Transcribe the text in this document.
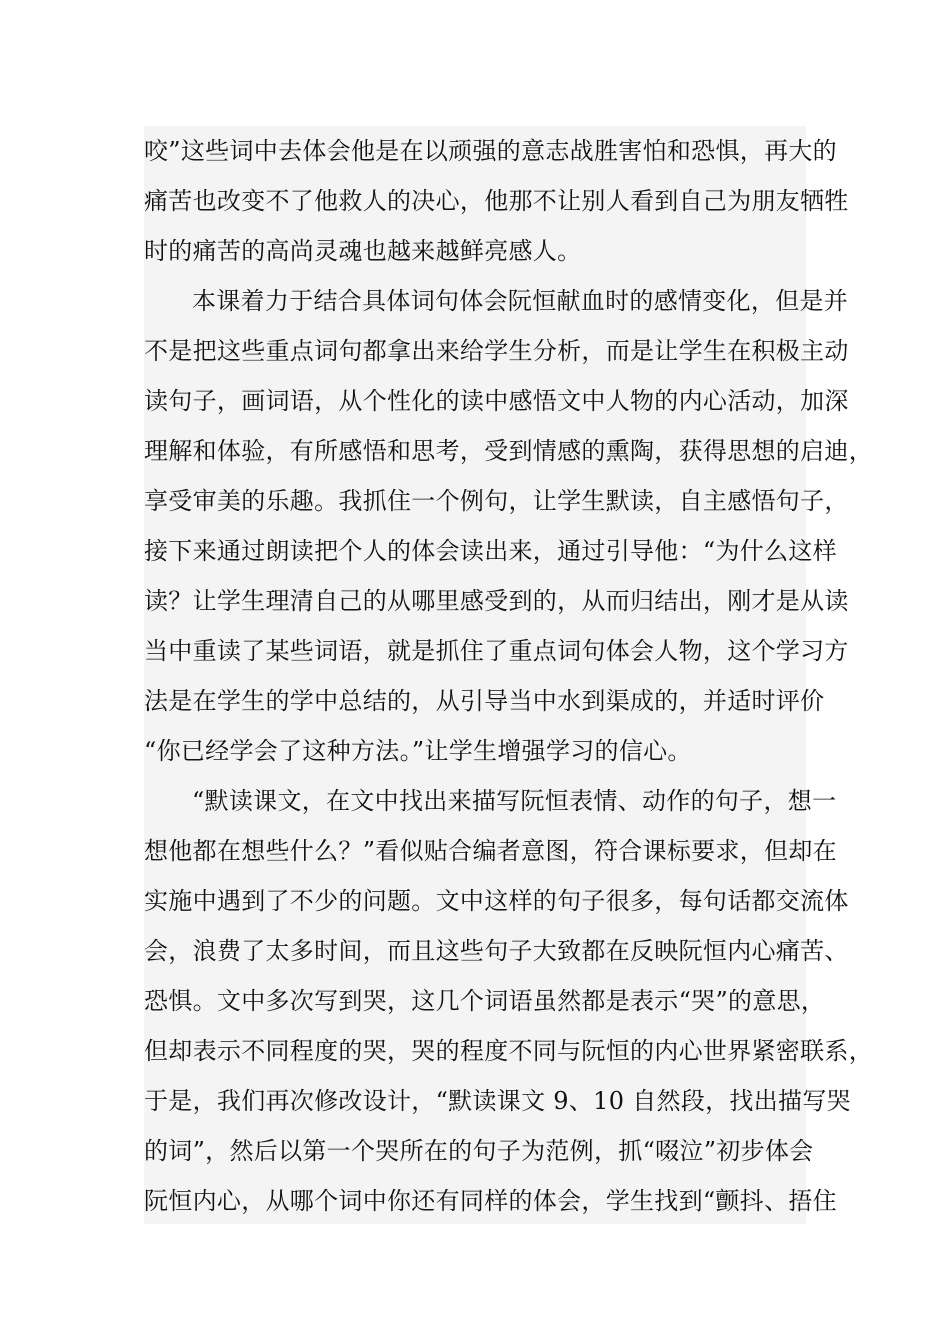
咬”这些词中去体会他是在以顽强的意志战胜害怕和恐惧，再大的
痛苦也改变不了他救人的决心，他那不让别人看到自己为朋友牺牲
时的痛苦的高尚灵魂也越来越鲜亮感人。
本课着力于结合具体词句体会阮恒献血时的感情变化，但是并
不是把这些重点词句都拿出来给学生分析，而是让学生在积极主动
读句子，画词语，从个性化的读中感悟文中人物的内心活动，加深
理解和体验，有所感悟和思考，受到情感的熏陶，获得思想的启迪，
享受审美的乐趣。我抓住一个例句，让学生默读，自主感悟句子，
接下来通过朗读把个人的体会读出来，通过引导他：“为什么这样
读？让学生理清自己的从哪里感受到的，从而归结出，刚才是从读
当中重读了某些词语，就是抓住了重点词句体会人物，这个学习方
法是在学生的学中总结的，从引导当中水到渠成的，并适时评价
“你已经学会了这种方法。”让学生增强学习的信心。
“默读课文，在文中找出来描写阮恒表情、动作的句子，想一
想他都在想些什么？”看似贴合编者意图，符合课标要求，但却在
实施中遇到了不少的问题。文中这样的句子很多，每句话都交流体
会，浪费了太多时间，而且这些句子大致都在反映阮恒内心痛苦、
恐惧。文中多次写到哭，这几个词语虽然都是表示“哭”的意思，
但却表示不同程度的哭，哭的程度不同与阮恒的内心世界紧密联系，
于是，我们再次修改设计，“默读课文 9、10 自然段，找出描写哭
的词”，然后以第一个哭所在的句子为范例，抓“啜泣”初步体会
阮恒内心，从哪个词中你还有同样的体会，学生找到“颤抖、捂住
